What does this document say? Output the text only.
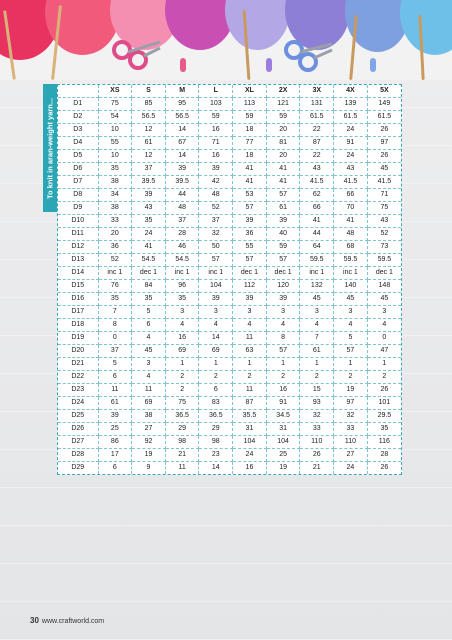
To knit in aran-weight yarn...
	XS	S	M	L	XL	2X	3X	4X	5X
D1	75	85	95	103	113	121	131	139	149
D2	54	56.5	56.5	59	59	59	61.5	61.5	61.5
D3	10	12	14	16	18	20	22	24	26
D4	55	61	67	71	77	81	87	91	97
D5	10	12	14	16	18	20	22	24	26
D6	35	37	39	39	41	41	43	43	45
D7	38	39.5	39.5	42	41	41	41.5	41.5	41.5
D8	34	39	44	48	53	57	62	66	71
D9	38	43	48	52	57	61	66	70	75
D10	33	35	37	37	39	39	41	41	43
D11	20	24	28	32	36	40	44	48	52
D12	36	41	46	50	55	59	64	68	73
D13	52	54.5	54.5	57	57	57	59.5	59.5	59.5
D14	inc 1	dec 1	inc 1	inc 1	dec 1	dec 1	inc 1	inc 1	dec 1
D15	76	84	96	104	112	120	132	140	148
D16	35	35	35	39	39	39	45	45	45
D17	7	5	3	3	3	3	3	3	3
D18	8	6	4	4	4	4	4	4	4
D19	0	4	16	14	11	8	7	5	0
D20	37	45	69	69	63	57	61	57	47
D21	5	3	1	1	1	1	1	1	1
D22	6	4	2	2	2	2	2	2	2
D23	11	11	2	6	11	16	15	19	26
D24	61	69	75	83	87	91	93	97	101
D25	39	38	36.5	36.5	35.5	34.5	32	32	29.5
D26	25	27	29	29	31	31	33	33	35
D27	86	92	98	98	104	104	110	110	116
D28	17	19	21	23	24	25	26	27	28
D29	6	9	11	14	16	19	21	24	26
30 www.craftworld.com
